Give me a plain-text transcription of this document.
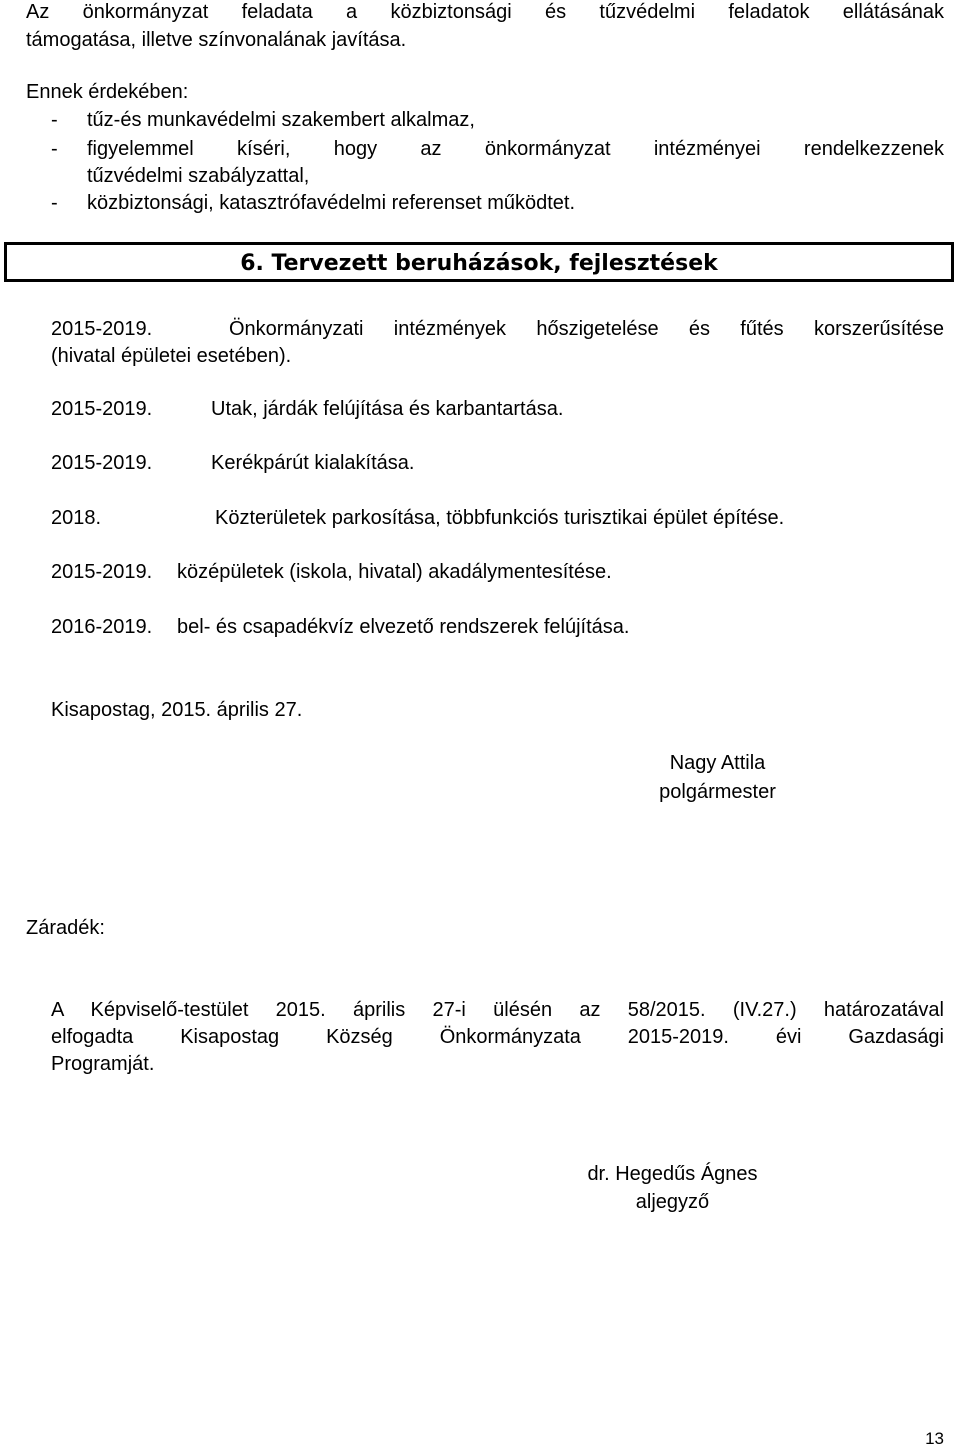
Az önkormányzat feladata a közbiztonsági és tűzvédelmi feladatok ellátásának
támogatása, illetve színvonalának javítása.
Ennek érdekében:
- tűz-és munkavédelmi szakembert alkalmaz,
- figyelemmel kíséri, hogy az önkormányzat intézményei rendelkezzenek
tűzvédelmi szabályzattal,
- közbiztonsági, katasztrófavédelmi referenset működtet.
6. Tervezett beruházások, fejlesztések
2015-2019.	Önkormányzati intézmények hőszigetelése és fűtés korszerűsítése
(hivatal épületei esetében).
2015-2019.	Utak, járdák felújítása és karbantartása.
2015-2019.	Kerékpárút kialakítása.
2018.	Közterületek parkosítása, többfunkciós turisztikai épület építése.
2015-2019. középületek (iskola, hivatal) akadálymentesítése.
2016-2019. bel- és csapadékvíz elvezető rendszerek felújítása.
Kisapostag, 2015. április 27.
Nagy Attila
polgármester
Záradék:
A Képviselő-testület 2015. április 27-i ülésén az 58/2015. (IV.27.) határozatával
elfogadta Kisapostag Község Önkormányzata 2015-2019. évi Gazdasági
Programját.
dr. Hegedűs Ágnes
aljegyző
13
